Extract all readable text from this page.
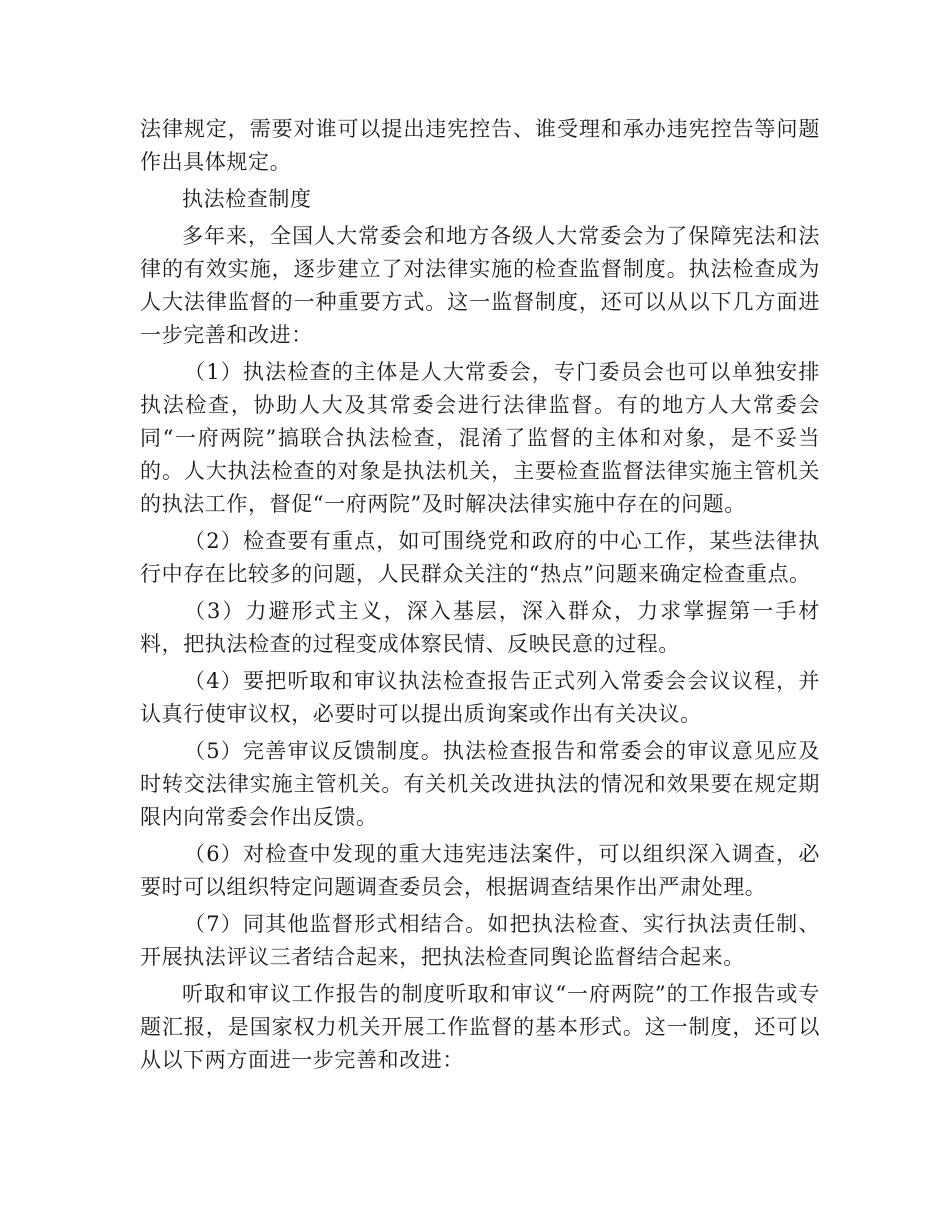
法律规定，需要对谁可以提出违宪控告、谁受理和承办违宪控告等问题作出具体规定。

执法检查制度

多年来，全国人大常委会和地方各级人大常委会为了保障宪法和法律的有效实施，逐步建立了对法律实施的检查监督制度。执法检查成为人大法律监督的一种重要方式。这一监督制度，还可以从以下几方面进一步完善和改进：

（1）执法检查的主体是人大常委会，专门委员会也可以单独安排执法检查，协助人大及其常委会进行法律监督。有的地方人大常委会同“一府两院”搞联合执法检查，混淆了监督的主体和对象，是不妥当的。人大执法检查的对象是执法机关，主要检查监督法律实施主管机关的执法工作，督促“一府两院”及时解决法律实施中存在的问题。

（2）检查要有重点，如可围绕党和政府的中心工作，某些法律执行中存在比较多的问题，人民群众关注的“热点”问题来确定检查重点。

（3）力避形式主义，深入基层，深入群众，力求掌握第一手材料，把执法检查的过程变成体察民情、反映民意的过程。

（4）要把听取和审议执法检查报告正式列入常委会会议议程，并认真行使审议权，必要时可以提出质询案或作出有关决议。

（5）完善审议反馈制度。执法检查报告和常委会的审议意见应及时转交法律实施主管机关。有关机关改进执法的情况和效果要在规定期限内向常委会作出反馈。

（6）对检查中发现的重大违宪违法案件，可以组织深入调查，必要时可以组织特定问题调查委员会，根据调查结果作出严肃处理。

（7）同其他监督形式相结合。如把执法检查、实行执法责任制、开展执法评议三者结合起来，把执法检查同舆论监督结合起来。

听取和审议工作报告的制度听取和审议“一府两院”的工作报告或专题汇报，是国家权力机关开展工作监督的基本形式。这一制度，还可以从以下两方面进一步完善和改进：
